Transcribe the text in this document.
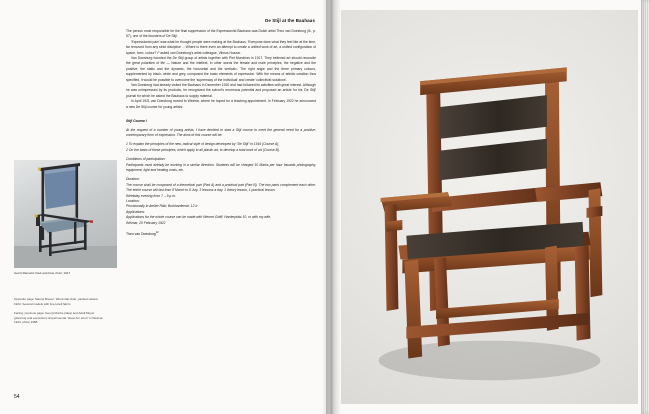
Gerrit Rietveld: Red-and-blue chair, 1917

Opposite page: Marcel Breuer: Wood slat chair, painted variant, 1924. Several models with linen-belt fabric.

Facing, previous page: Georg Muche (idea) and Adolf Meyer (planning and execution): Experimental “Haus Am Horn” in Weimar, 1923, photo 1988.

54
De Stijl at the Bauhaus

The person most responsible for the final suppression of the Expressionist Bauhaus was Dutch artist Theo van Doesburg (ill., p. 57), one of the founders of De Stijl.

'Expressionist pain' was what he thought people were making at the Bauhaus. 'Everyone does what they feel like at the time, far removed from any strict discipline ... Where is there even an attempt to create a unified work of art, a unified configuration of space, form, colour?'¹⁰ asked van Doesburg's artist colleague, Vilmos Huszar.

Van Doesburg founded the De Stijl group of artists together with Piet Mondrian in 1917. They believed art should reconcile the great polarities of life — Nature and the intellect, in other words the female and male principles, the negative and the positive, the static and the dynamic, the horizontal and the vertical¹¹. The right angle and the three primary colours, supplemented by black, white and grey, composed the basic elements of expression. With the means of artistic creation thus specified, it would be possible to overcome the 'supremacy of the individual' and create 'collectivist solutions'.

Van Doesburg had already visited the Bauhaus in December 1920 and had followed its activities with great interest. Although he was unimpressed by its products, he recognized the school's enormous potential and proposed an article for his 'De Stijl' journal for which he asked the Bauhaus to supply material.

In April 1921 van Doesburg moved to Weimar, where he hoped for a teaching appointment. In February 1922 he announced a new De Stijl course for young artists:

Stijl Course I

At the request of a number of young artists, I have decided to start a Stijl course to meet the general need for a positive, contemporary form of expression. The aims of this course will be:

1 To explain the principles of the new, radical style of design developed by “De Stijl” in 1916 (Course A);

2 On the basis of these principles, which apply to all plastic art, to develop a total work of art (Course B).

Conditions of participation:

Participants must already be working in a similar direction. Students will be charged 10 Marks per hour towards photography, equipment, light and heating costs, etc.

Duration:

The course shall be composed of a theoretical part (Part A) and a practical part (Part B). The two parts complement each other. The entire course will last from 8 March to 8 July. 3 lessons a day. 1 theory lesson, 1 practical lesson.

Weekday evening from 7 – 9 p.m.

Location:

Provisionally in Atelier Räkl, Burkhardenstr. 12 b

Applications:

Applications for the whole course can be made with Werner Gräff, Harderplatz 10, or with my wife,

Weimar, 20 February 1922

Theo van Doesburg$^{12}$
